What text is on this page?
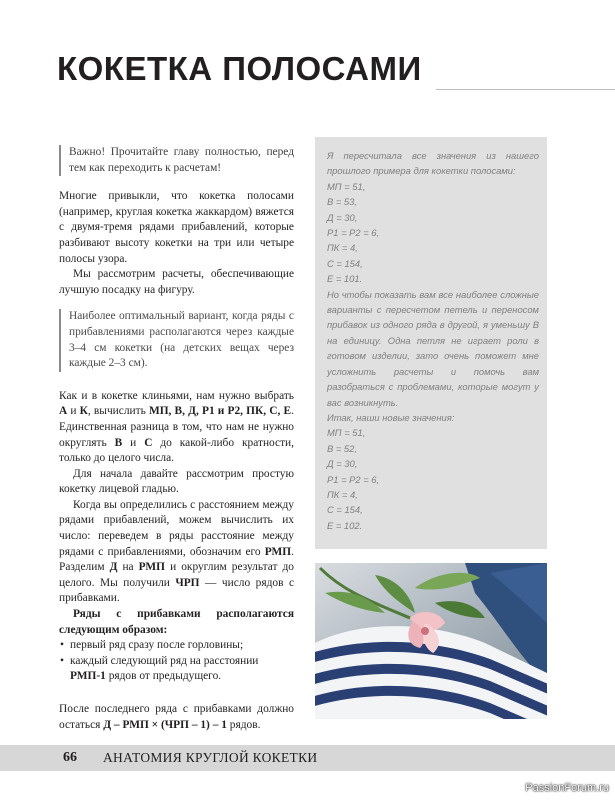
КОКЕТКА ПОЛОСАМИ

Важно! Прочитайте главу полностью, перед тем как переходить к расчетам!

Многие привыкли, что кокетка полосами (например, круглая кокетка жаккардом) вяжется с двумя-тремя рядами прибавлений, которые разбивают высоту кокетки на три или четыре полосы узора.

Мы рассмотрим расчеты, обеспечивающие лучшую посадку на фигуру.

Наиболее оптимальный вариант, когда ряды с прибавлениями располагаются через каждые 3–4 см кокетки (на детских вещах через каждые 2–3 см).

Как и в кокетке клиньями, нам нужно выбрать А и К, вычислить МП, В, Д, Р1 и Р2, ПК, С, Е. Единственная разница в том, что нам не нужно округлять В и С до какой-либо кратности, только до целого числа.

Для начала давайте рассмотрим простую кокетку лицевой гладью.

Когда вы определились с расстоянием между рядами прибавлений, можем вычислить их число: переведем в ряды расстояние между рядами с прибавлениями, обозначим его РМП. Разделим Д на РМП и округлим результат до целого. Мы получили ЧРП — число рядов с прибавками.

Ряды с прибавками располагаются следующим образом:

• первый ряд сразу после горловины;
• каждый следующий ряд на расстоянии РМП-1 рядов от предыдущего.

После последнего ряда с прибавками должно остаться Д – РМП × (ЧРП – 1) – 1 рядов.

Я пересчитала все значения из нашего прошлого примера для кокетки полосами:

МП = 51,
В = 53,
Д = 30,
Р1 = Р2 = 6,
ПК = 4,
С = 154,
Е = 101.

Но чтобы показать вам все наиболее сложные варианты с пересчетом петель и переносом прибавок из одного ряда в другой, я уменьшу В на единицу. Одна петля не играет роли в готовом изделии, зато очень поможет мне усложнить расчеты и помочь вам разобраться с проблемами, которые могут у вас возникнуть.

Итак, наши новые значения:

МП = 51,
В = 52,
Д = 30,
Р1 = Р2 = 6,
ПК = 4,
С = 154,
Е = 102.
66 АНАТОМИЯ КРУГЛОЙ КОКЕТКИ
PassionForum.ru
